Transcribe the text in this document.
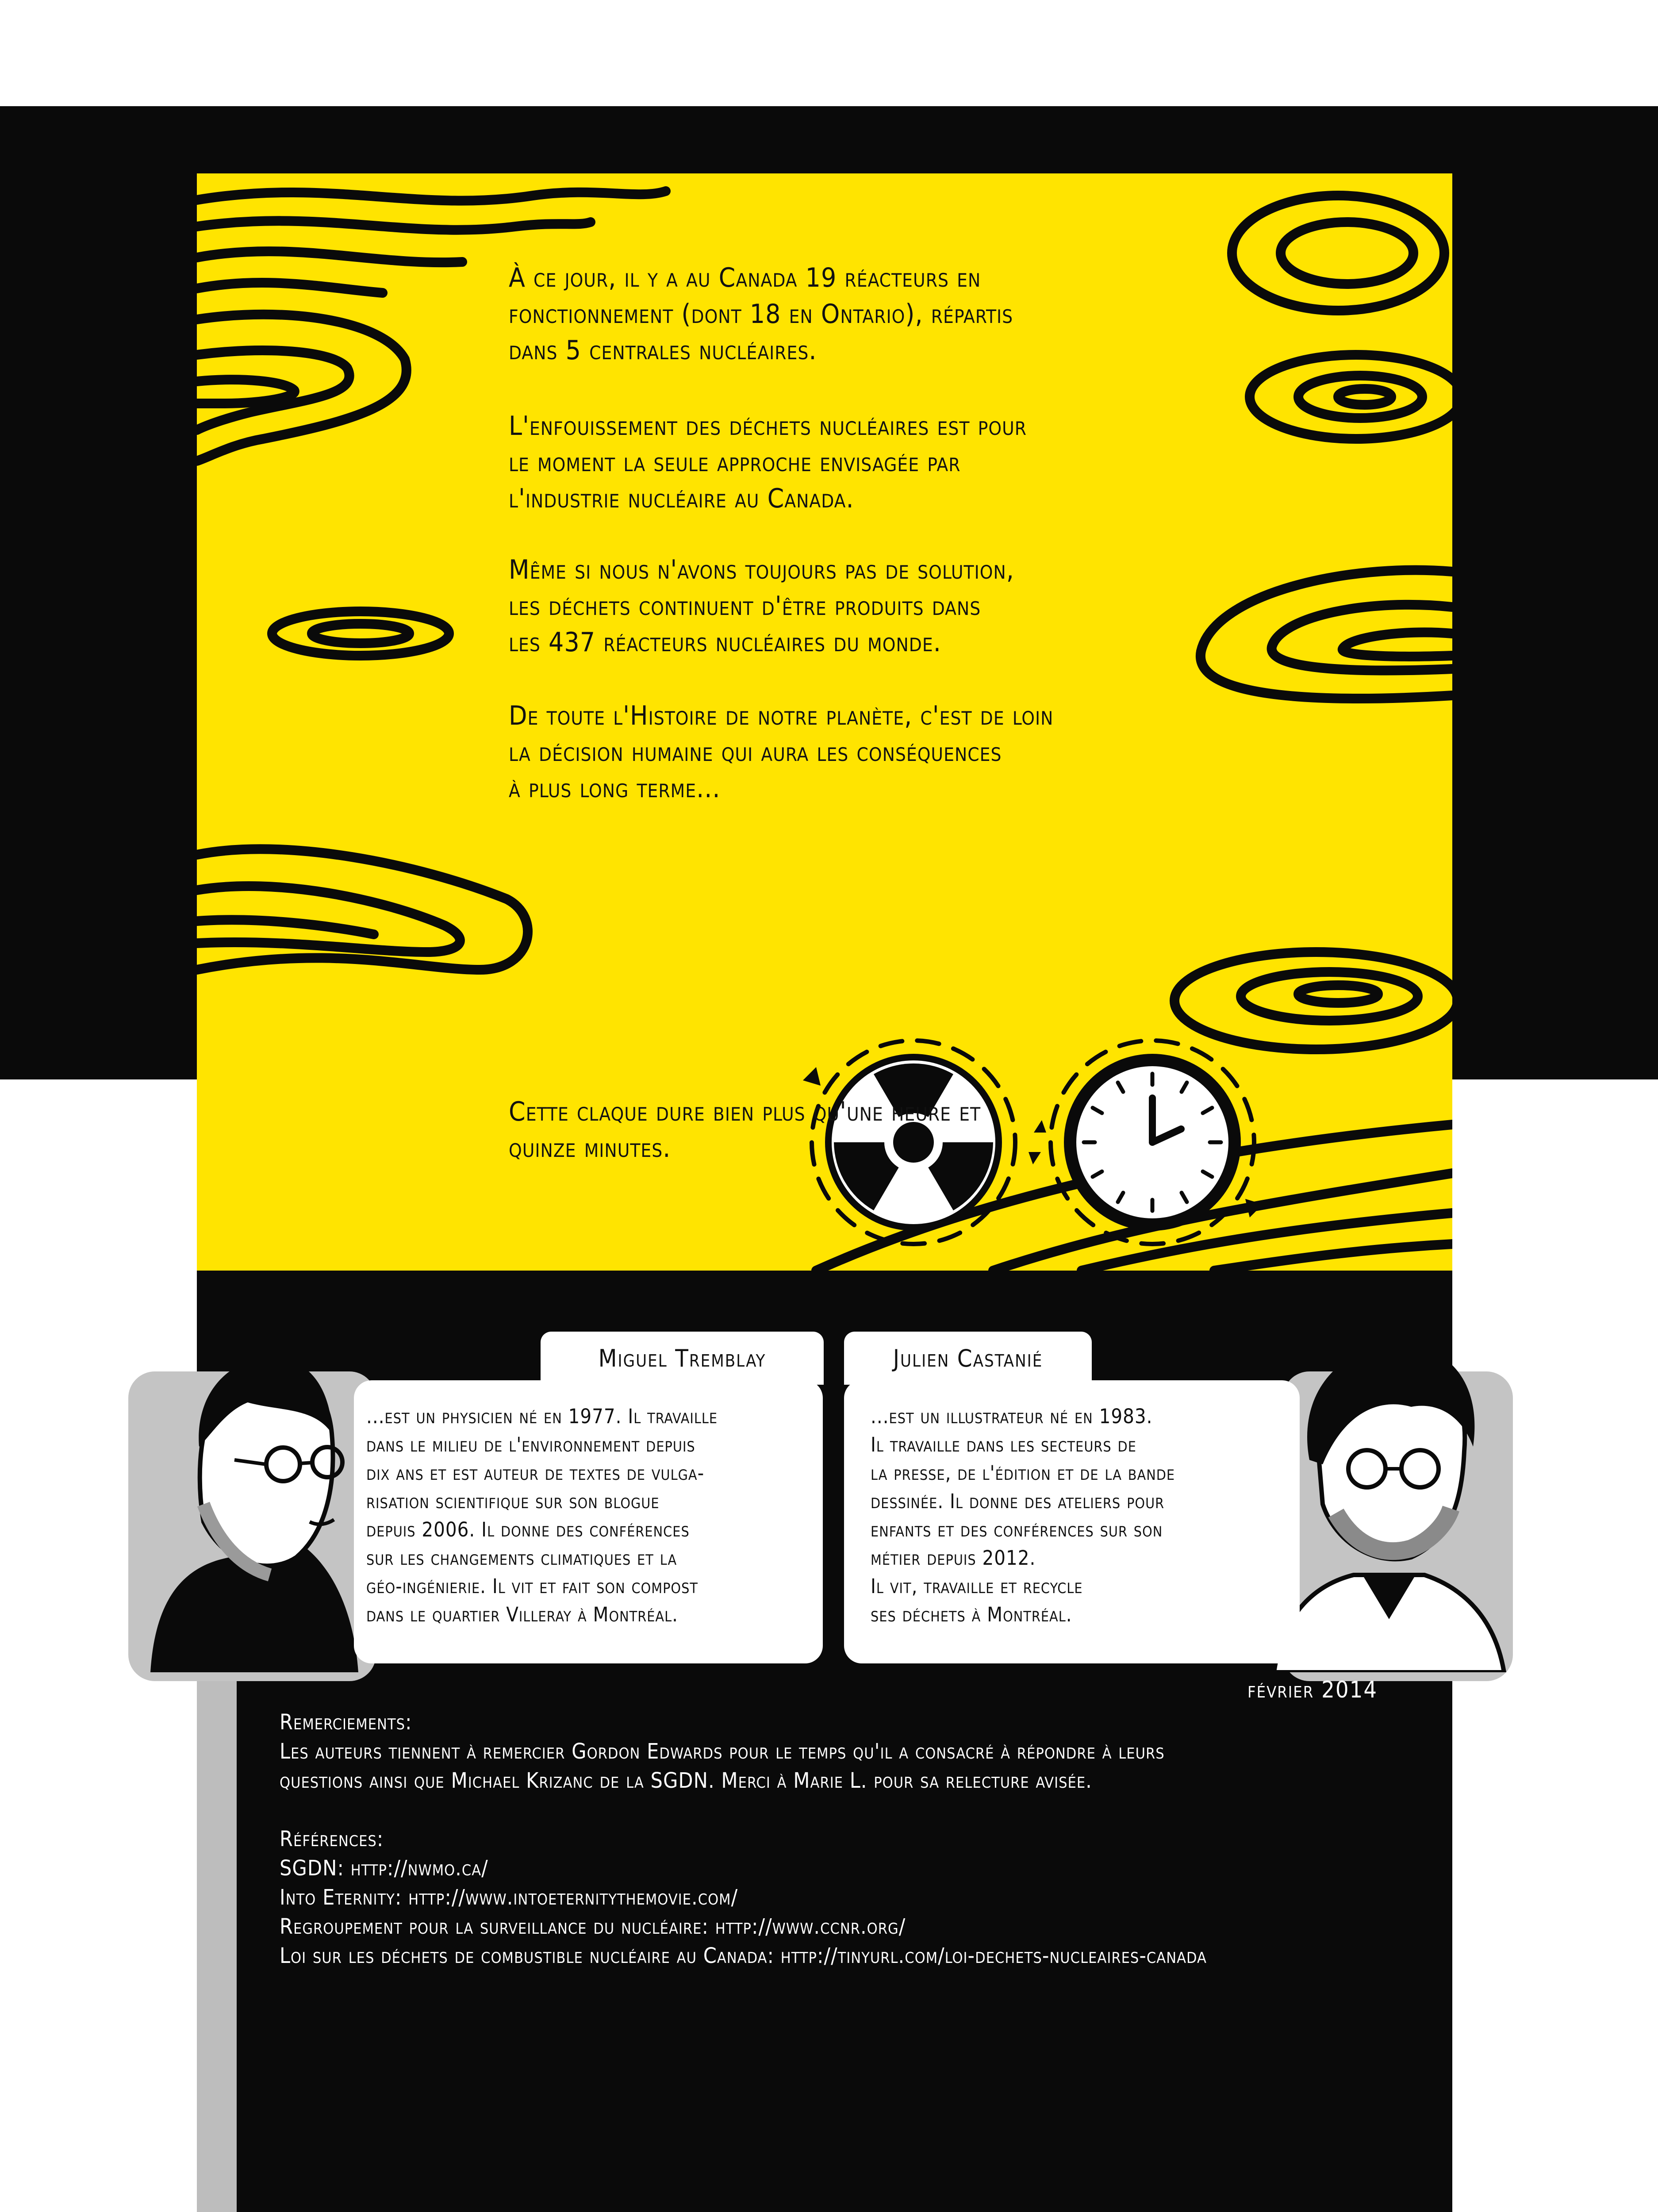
À ce jour, il y a au Canada 19 réacteurs en

fonctionnement (dont 18 en Ontario), répartis

dans 5 centrales nucléaires.

L'enfouissement des déchets nucléaires est pour

le moment la seule approche envisagée par

l'industrie nucléaire au Canada.

Même si nous n'avons toujours pas de solution,

les déchets continuent d'être produits dans

les 437 réacteurs nucléaires du monde.

De toute l'Histoire de notre planète, c'est de loin

la décision humaine qui aura les conséquences

à plus long terme...

Cette claque dure bien plus qu'une heure et

quinze minutes.

Miguel Tremblay	Julien Castanié

...est un physicien né en 1977. Il travaille

dans le milieu de l'environnement depuis

dix ans et est auteur de textes de vulga-

risation scientifique sur son blogue

depuis 2006. Il donne des conférences

sur les changements climatiques et la

géo-ingénierie. Il vit et fait son compost

dans le quartier Villeray à Montréal.

...est un illustrateur né en 1983.

Il travaille dans les secteurs de

la presse, de l'édition et de la bande

dessinée. Il donne des ateliers pour

enfants et des conférences sur son

métier depuis 2012.

Il vit, travaille et recycle

ses déchets à Montréal.

février 2014

Remerciements:

Les auteurs tiennent à remercier Gordon Edwards pour le temps qu'il a consacré à répondre à leurs

questions ainsi que Michael Krizanc de la SGDN. Merci à Marie L. pour sa relecture avisée.

Références:

SGDN: http://nwmo.ca/

Into Eternity: http://www.intoeternitythemovie.com/

Regroupement pour la surveillance du nucléaire: http://www.ccnr.org/

Loi sur les déchets de combustible nucléaire au Canada: http://tinyurl.com/loi-dechets-nucleaires-canada
